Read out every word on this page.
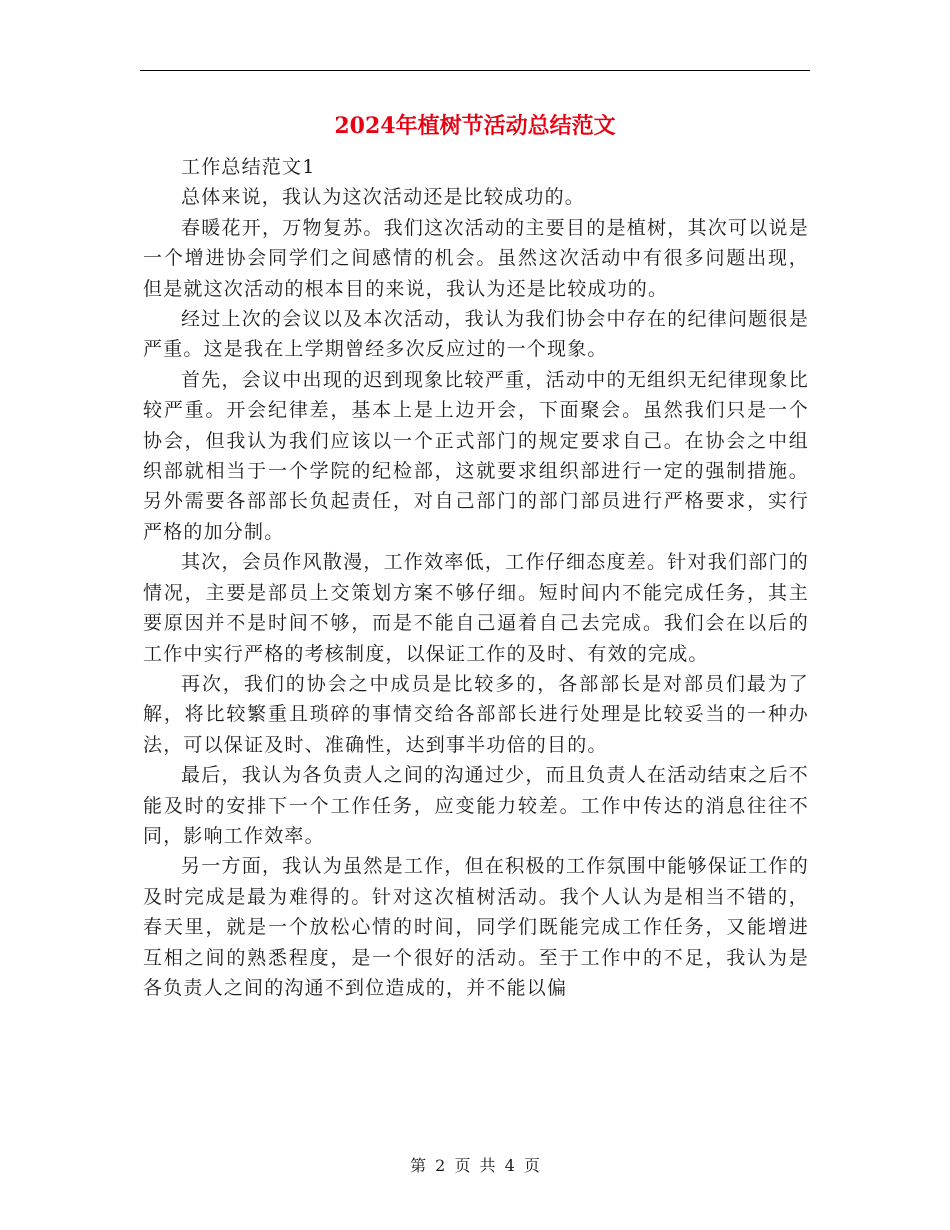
2024年植树节活动总结范文

工作总结范文1

总体来说，我认为这次活动还是比较成功的。

春暖花开，万物复苏。我们这次活动的主要目的是植树，其次可以说是一个增进协会同学们之间感情的机会。虽然这次活动中有很多问题出现，但是就这次活动的根本目的来说，我认为还是比较成功的。

经过上次的会议以及本次活动，我认为我们协会中存在的纪律问题很是严重。这是我在上学期曾经多次反应过的一个现象。

首先，会议中出现的迟到现象比较严重，活动中的无组织无纪律现象比较严重。开会纪律差，基本上是上边开会，下面聚会。虽然我们只是一个协会，但我认为我们应该以一个正式部门的规定要求自己。在协会之中组织部就相当于一个学院的纪检部，这就要求组织部进行一定的强制措施。另外需要各部部长负起责任，对自己部门的部门部员进行严格要求，实行严格的加分制。

其次，会员作风散漫，工作效率低，工作仔细态度差。针对我们部门的情况，主要是部员上交策划方案不够仔细。短时间内不能完成任务，其主要原因并不是时间不够，而是不能自己逼着自己去完成。我们会在以后的工作中实行严格的考核制度，以保证工作的及时、有效的完成。

再次，我们的协会之中成员是比较多的，各部部长是对部员们最为了解，将比较繁重且琐碎的事情交给各部部长进行处理是比较妥当的一种办法，可以保证及时、准确性，达到事半功倍的目的。

最后，我认为各负责人之间的沟通过少，而且负责人在活动结束之后不能及时的安排下一个工作任务，应变能力较差。工作中传达的消息往往不同，影响工作效率。

另一方面，我认为虽然是工作，但在积极的工作氛围中能够保证工作的及时完成是最为难得的。针对这次植树活动。我个人认为是相当不错的，春天里，就是一个放松心情的时间，同学们既能完成工作任务，又能增进互相之间的熟悉程度，是一个很好的活动。至于工作中的不足，我认为是各负责人之间的沟通不到位造成的，并不能以偏

第 2 页 共 4 页
